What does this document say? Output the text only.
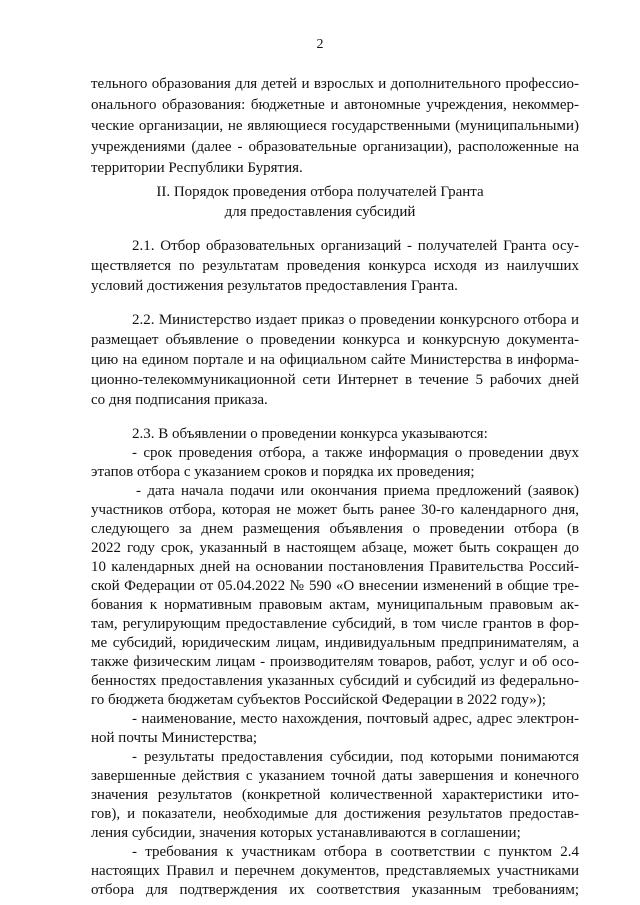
2
тельного образования для детей и взрослых и дополнительного профессио-
онального образования: бюджетные и автономные учреждения, некоммер-
ческие организации, не являющиеся государственными (муниципальными)
учреждениями (далее - образовательные организации), расположенные на
территории Республики Бурятия.
II. Порядок проведения отбора получателей Гранта
для предоставления субсидий
2.1. Отбор образовательных организаций - получателей Гранта осу-
ществляется по результатам проведения конкурса исходя из наилучших
условий достижения результатов предоставления Гранта.
2.2. Министерство издает приказ о проведении конкурсного отбора и
размещает объявление о проведении конкурса и конкурсную документа-
цию на едином портале и на официальном сайте Министерства в информа-
ционно-телекоммуникационной сети Интернет в течение 5 рабочих дней
со дня подписания приказа.
2.3. В объявлении о проведении конкурса указываются:
- срок проведения отбора, а также информация о проведении двух
этапов отбора с указанием сроков и порядка их проведения;
- дата начала подачи или окончания приема предложений (заявок)
участников отбора, которая не может быть ранее 30-го календарного дня,
следующего за днем размещения объявления о проведении отбора (в
2022 году срок, указанный в настоящем абзаце, может быть сокращен до
10 календарных дней на основании постановления Правительства Россий-
ской Федерации от 05.04.2022 № 590 «О внесении изменений в общие тре-
бования к нормативным правовым актам, муниципальным правовым ак-
там, регулирующим предоставление субсидий, в том числе грантов в фор-
ме субсидий, юридическим лицам, индивидуальным предпринимателям, а
также физическим лицам - производителям товаров, работ, услуг и об осо-
бенностях предоставления указанных субсидий и субсидий из федерально-
го бюджета бюджетам субъектов Российской Федерации в 2022 году»);
- наименование, место нахождения, почтовый адрес, адрес электрон-
ной почты Министерства;
- результаты предоставления субсидии, под которыми понимаются
завершенные действия с указанием точной даты завершения и конечного
значения результатов (конкретной количественной характеристики ито-
гов), и показатели, необходимые для достижения результатов предостав-
ления субсидии, значения которых устанавливаются в соглашении;
- требования к участникам отбора в соответствии с пунктом 2.4
настоящих Правил и перечнем документов, представляемых участниками
отбора для подтверждения их соответствия указанным требованиям;
